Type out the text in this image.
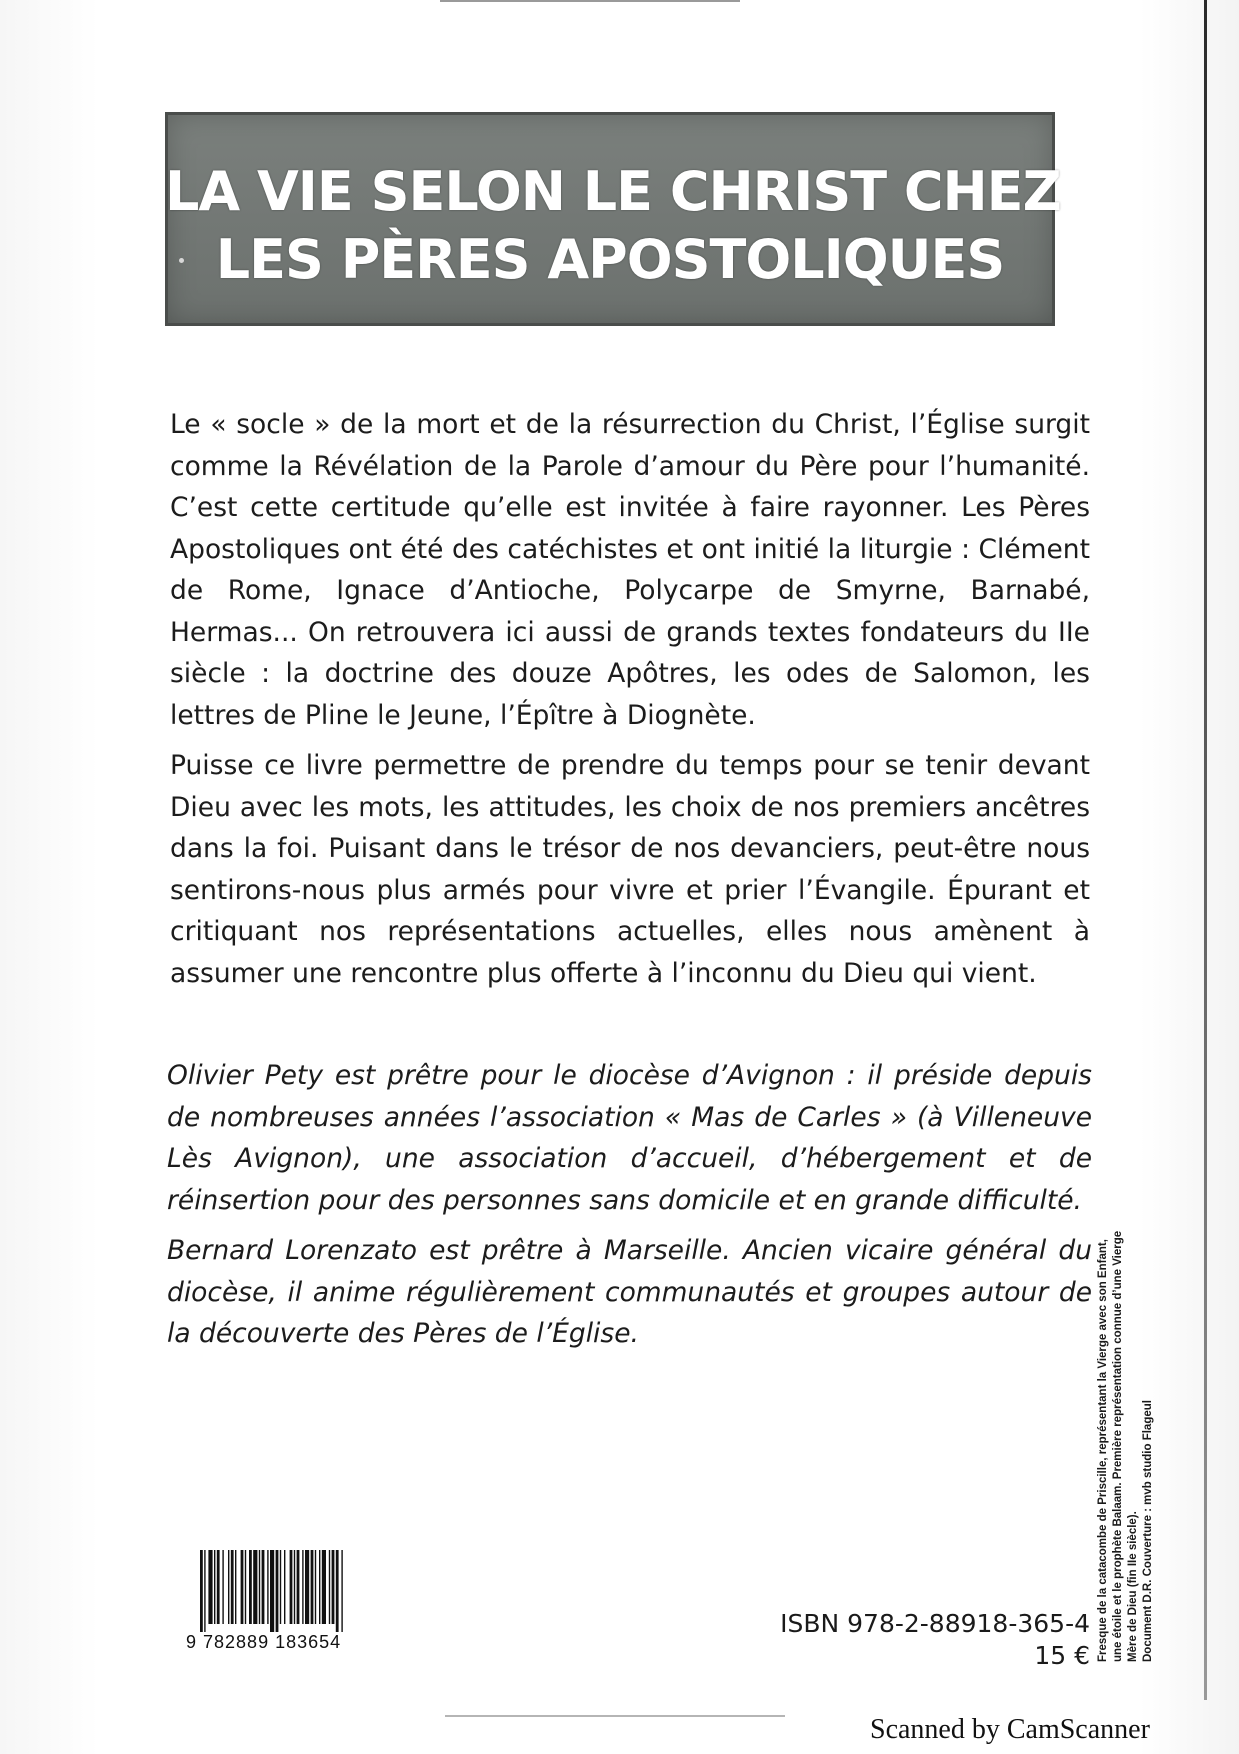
LA VIE SELON LE CHRIST CHEZ
LES PÈRES APOSTOLIQUES

Le « socle » de la mort et de la résurrection du Christ, l’Église surgit comme la Révélation de la Parole d’amour du Père pour l’humanité. C’est cette certitude qu’elle est invitée à faire rayonner. Les Pères Apostoliques ont été des catéchistes et ont initié la liturgie : Clément de Rome, Ignace d’Antioche, Polycarpe de Smyrne, Barnabé, Hermas... On retrouvera ici aussi de grands textes fondateurs du IIe siècle : la doctrine des douze Apôtres, les odes de Salomon, les lettres de Pline le Jeune, l’Épître à Diognète.

Puisse ce livre permettre de prendre du temps pour se tenir devant Dieu avec les mots, les attitudes, les choix de nos premiers ancêtres dans la foi. Puisant dans le trésor de nos devanciers, peut-être nous sentirons-nous plus armés pour vivre et prier l’Évangile. Épurant et critiquant nos représentations actuelles, elles nous amènent à assumer une rencontre plus offerte à l’inconnu du Dieu qui vient.

Olivier Pety est prêtre pour le diocèse d’Avignon : il préside depuis de nombreuses années l’association « Mas de Carles » (à Villeneuve Lès Avignon), une association d’accueil, d’hébergement et de réinsertion pour des personnes sans domicile et en grande difficulté.

Bernard Lorenzato est prêtre à Marseille. Ancien vicaire général du diocèse, il anime régulièrement communautés et groupes autour de la découverte des Pères de l’Église.	Fresque de la catacombe de Priscille, représentant la Vierge avec son Enfant, une étoile et le prophète Balaam. Première représentation connue d’une Vierge Mère de Dieu (fin IIe siècle). Document D.R. Couverture : mvb studio Flageul
9 782889 183654
ISBN 978-2-88918-365-4
15 €
Scanned by CamScanner
